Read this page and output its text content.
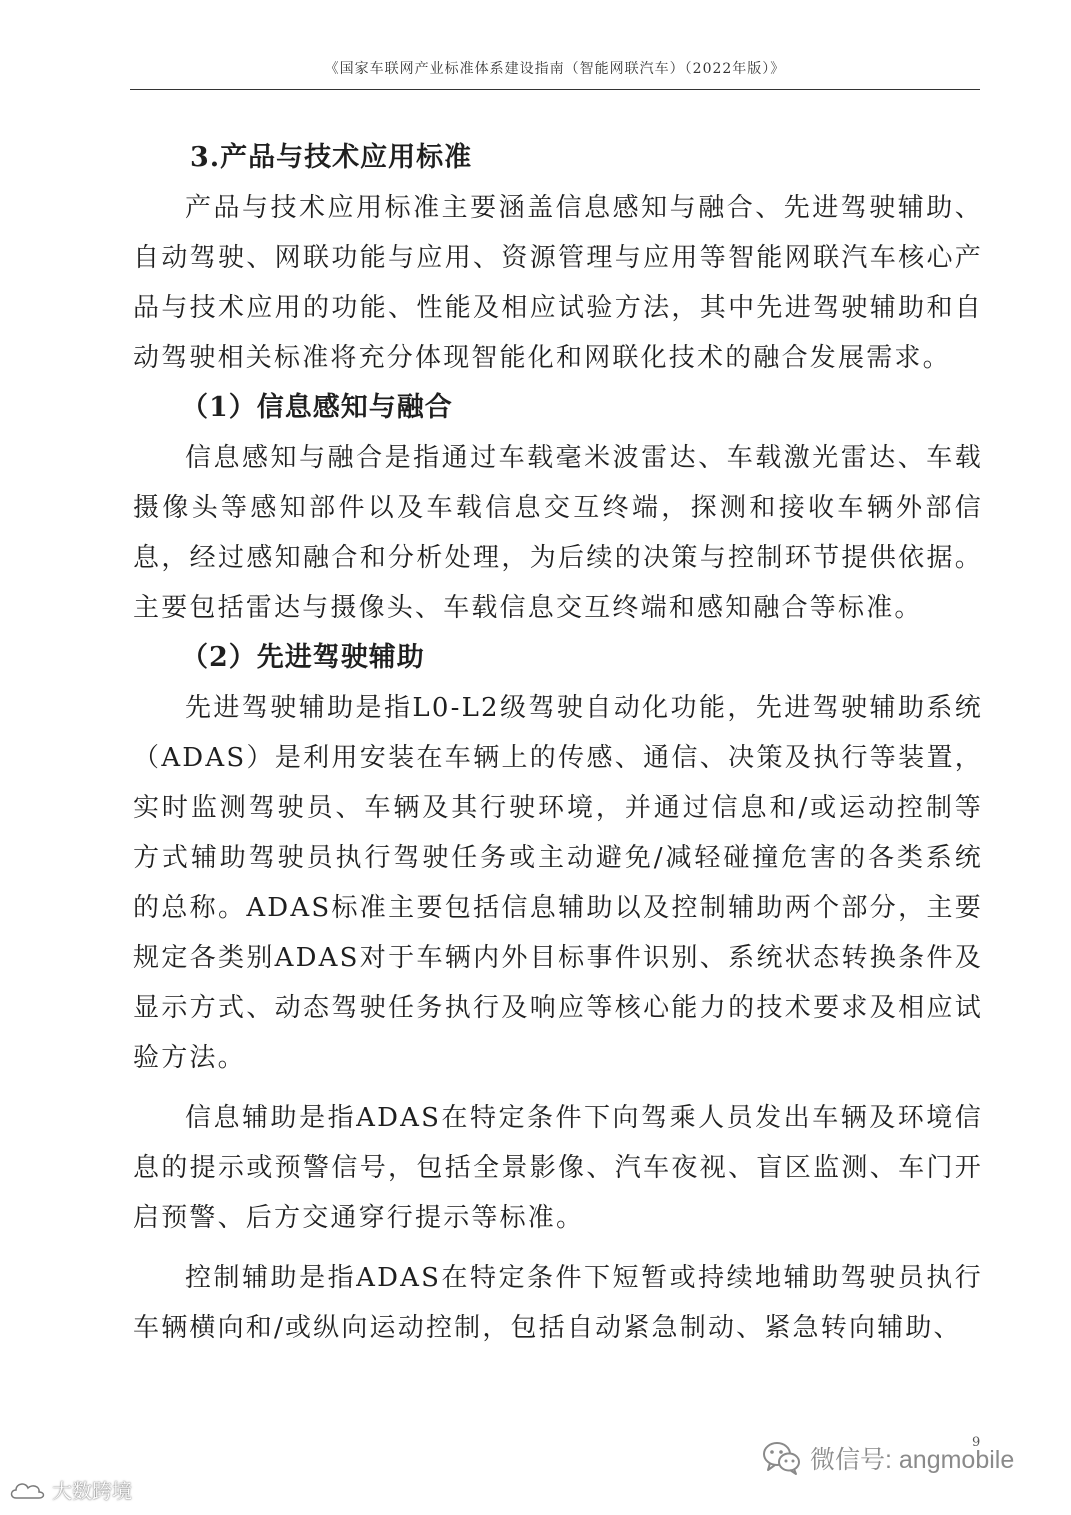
《国家车联网产业标准体系建设指南（智能网联汽车）（2022年版）》

3.产品与技术应用标准

产品与技术应用标准主要涵盖信息感知与融合、先进驾驶辅助、自动驾驶、网联功能与应用、资源管理与应用等智能网联汽车核心产品与技术应用的功能、性能及相应试验方法，其中先进驾驶辅助和自动驾驶相关标准将充分体现智能化和网联化技术的融合发展需求。

（1）信息感知与融合

信息感知与融合是指通过车载毫米波雷达、车载激光雷达、车载摄像头等感知部件以及车载信息交互终端，探测和接收车辆外部信息，经过感知融合和分析处理，为后续的决策与控制环节提供依据。主要包括雷达与摄像头、车载信息交互终端和感知融合等标准。

（2）先进驾驶辅助

先进驾驶辅助是指L0-L2级驾驶自动化功能，先进驾驶辅助系统（ADAS）是利用安装在车辆上的传感、通信、决策及执行等装置，实时监测驾驶员、车辆及其行驶环境，并通过信息和/或运动控制等方式辅助驾驶员执行驾驶任务或主动避免/减轻碰撞危害的各类系统的总称。ADAS标准主要包括信息辅助以及控制辅助两个部分，主要规定各类别ADAS对于车辆内外目标事件识别、系统状态转换条件及显示方式、动态驾驶任务执行及响应等核心能力的技术要求及相应试验方法。

信息辅助是指ADAS在特定条件下向驾乘人员发出车辆及环境信息的提示或预警信号，包括全景影像、汽车夜视、盲区监测、车门开启预警、后方交通穿行提示等标准。

控制辅助是指ADAS在特定条件下短暂或持续地辅助驾驶员执行车辆横向和/或纵向运动控制，包括自动紧急制动、紧急转向辅助、

9
微信号: angmobile
大数跨境
